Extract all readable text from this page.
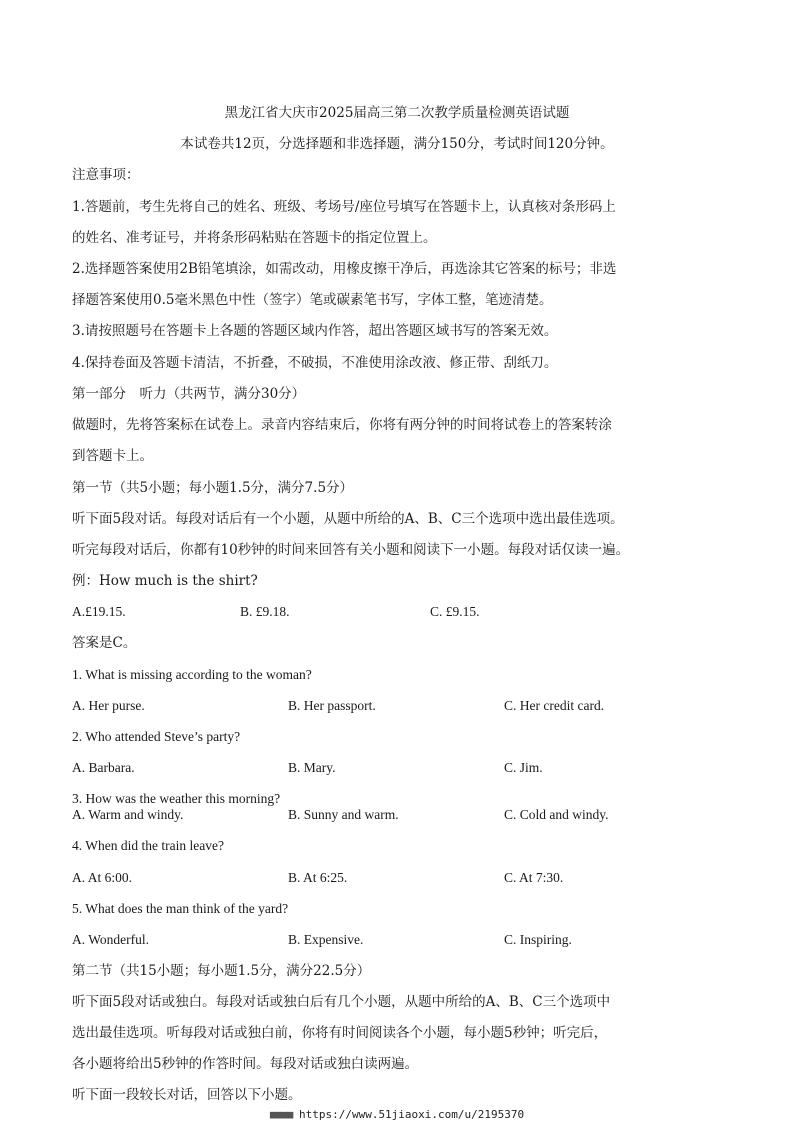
黑龙江省大庆市2025届高三第二次教学质量检测英语试题
本试卷共12页，分选择题和非选择题，满分150分，考试时间120分钟。
注意事项：
1.答题前，考生先将自己的姓名、班级、考场号/座位号填写在答题卡上，认真核对条形码上
的姓名、准考证号，并将条形码粘贴在答题卡的指定位置上。
2.选择题答案使用2B铅笔填涂，如需改动，用橡皮擦干净后，再选涂其它答案的标号；非选
择题答案使用0.5毫米黑色中性（签字）笔或碳素笔书写，字体工整，笔迹清楚。
3.请按照题号在答题卡上各题的答题区域内作答，超出答题区域书写的答案无效。
4.保持卷面及答题卡清洁，不折叠，不破损，不准使用涂改液、修正带、刮纸刀。
第一部分　听力（共两节，满分30分）
做题时，先将答案标在试卷上。录音内容结束后，你将有两分钟的时间将试卷上的答案转涂
到答题卡上。
第一节（共5小题；每小题1.5分，满分7.5分）
听下面5段对话。每段对话后有一个小题，从题中所给的A、B、C三个选项中选出最佳选项。
听完每段对话后，你都有10秒钟的时间来回答有关小题和阅读下一小题。每段对话仅读一遍。
例：How much is the shirt?
A.£19.15.	B. £9.18.	C. £9.15.
答案是C。
1. What is missing according to the woman?
A. Her purse.	B. Her passport.	C. Her credit card.
2. Who attended Steve’s party?
A. Barbara.	B. Mary.	C. Jim.
3. How was the weather this morning?
A. Warm and windy.	B. Sunny and warm.	C. Cold and windy.
4. When did the train leave?
A. At 6:00.	B. At 6:25.	C. At 7:30.
5. What does the man think of the yard?
A. Wonderful.	B. Expensive.	C. Inspiring.
第二节（共15小题；每小题1.5分，满分22.5分）
听下面5段对话或独白。每段对话或独白后有几个小题，从题中所给的A、B、C三个选项中
选出最佳选项。听每段对话或独白前，你将有时间阅读各个小题，每小题5秒钟；听完后，
各小题将给出5秒钟的作答时间。每段对话或独白读两遍。
听下面一段较长对话，回答以下小题。
■■■■ https://www.51jiaoxi.com/u/2195370
